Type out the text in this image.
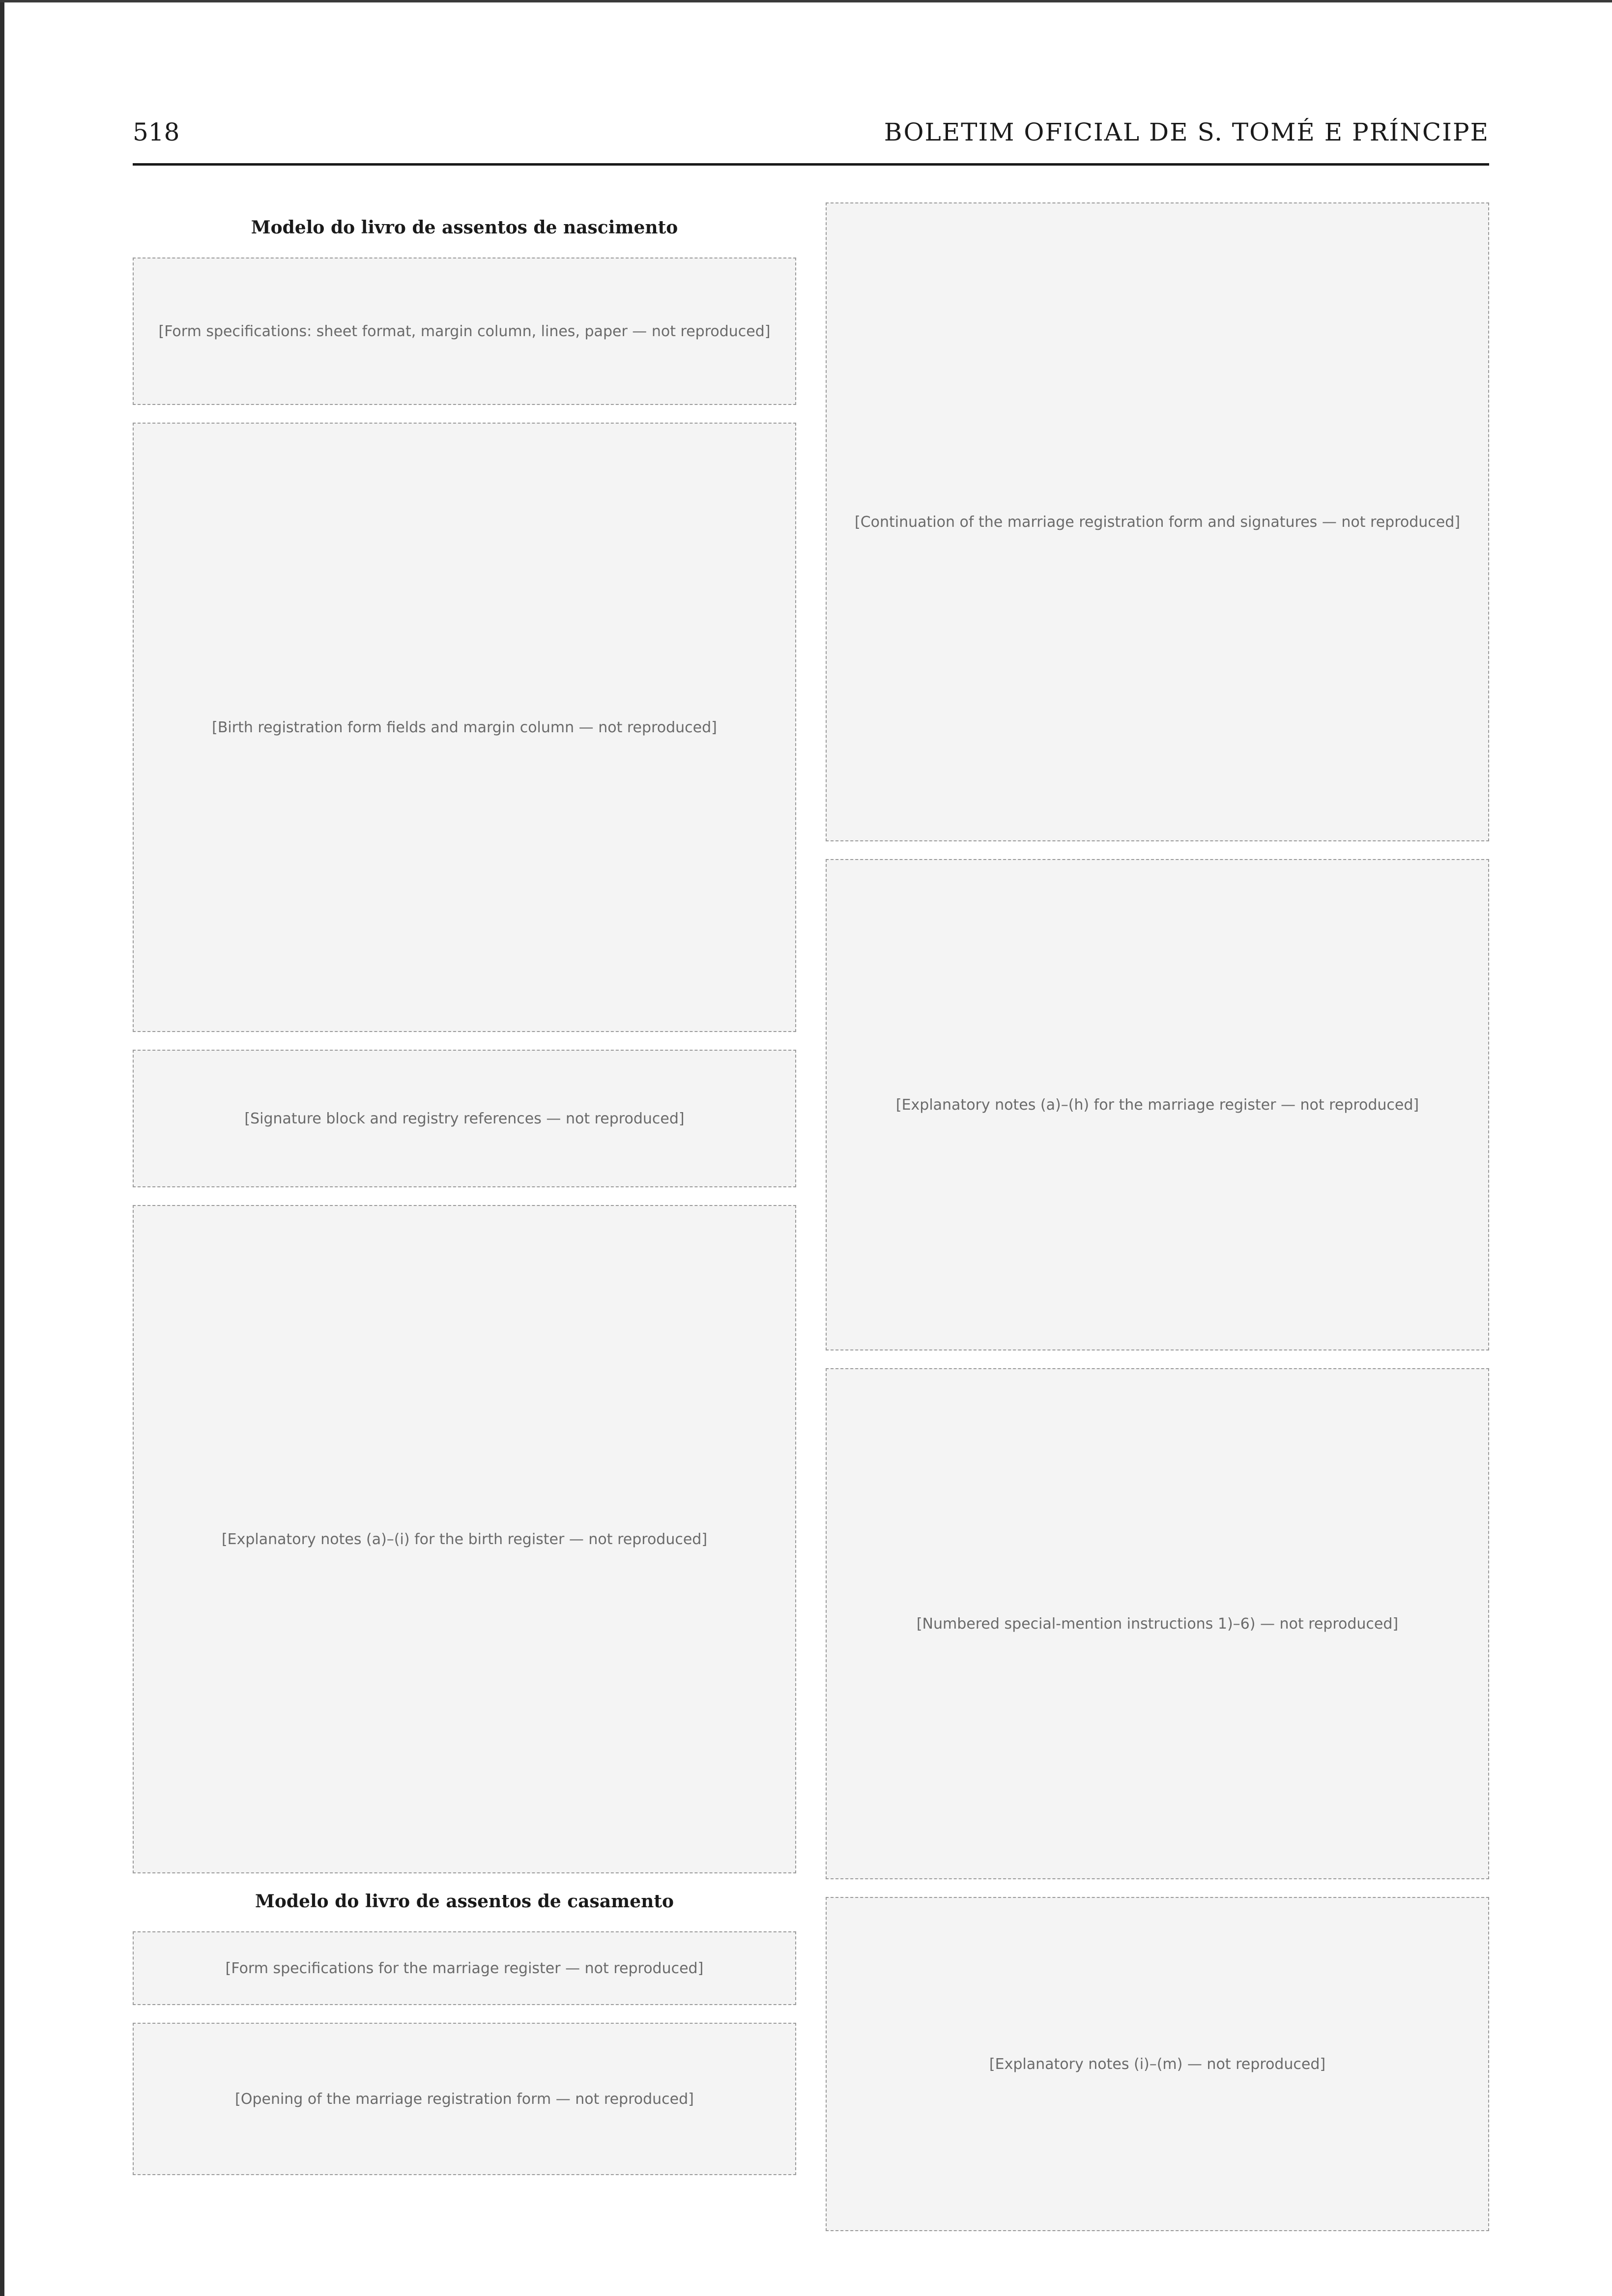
518	BOLETIM OFICIAL DE S. TOMÉ E PRÍNCIPE
Modelo do livro de assentos de nascimento
[Form specifications: sheet format, margin column, lines, paper — not reproduced]
[Birth registration form fields and margin column — not reproduced]
[Signature block and registry references — not reproduced]
[Explanatory notes (a)–(i) for the birth register — not reproduced]
Modelo do livro de assentos de casamento
[Form specifications for the marriage register — not reproduced]
[Opening of the marriage registration form — not reproduced]
[Continuation of the marriage registration form and signatures — not reproduced]
[Explanatory notes (a)–(h) for the marriage register — not reproduced]
[Numbered special-mention instructions 1)–6) — not reproduced]
[Explanatory notes (i)–(m) — not reproduced]
